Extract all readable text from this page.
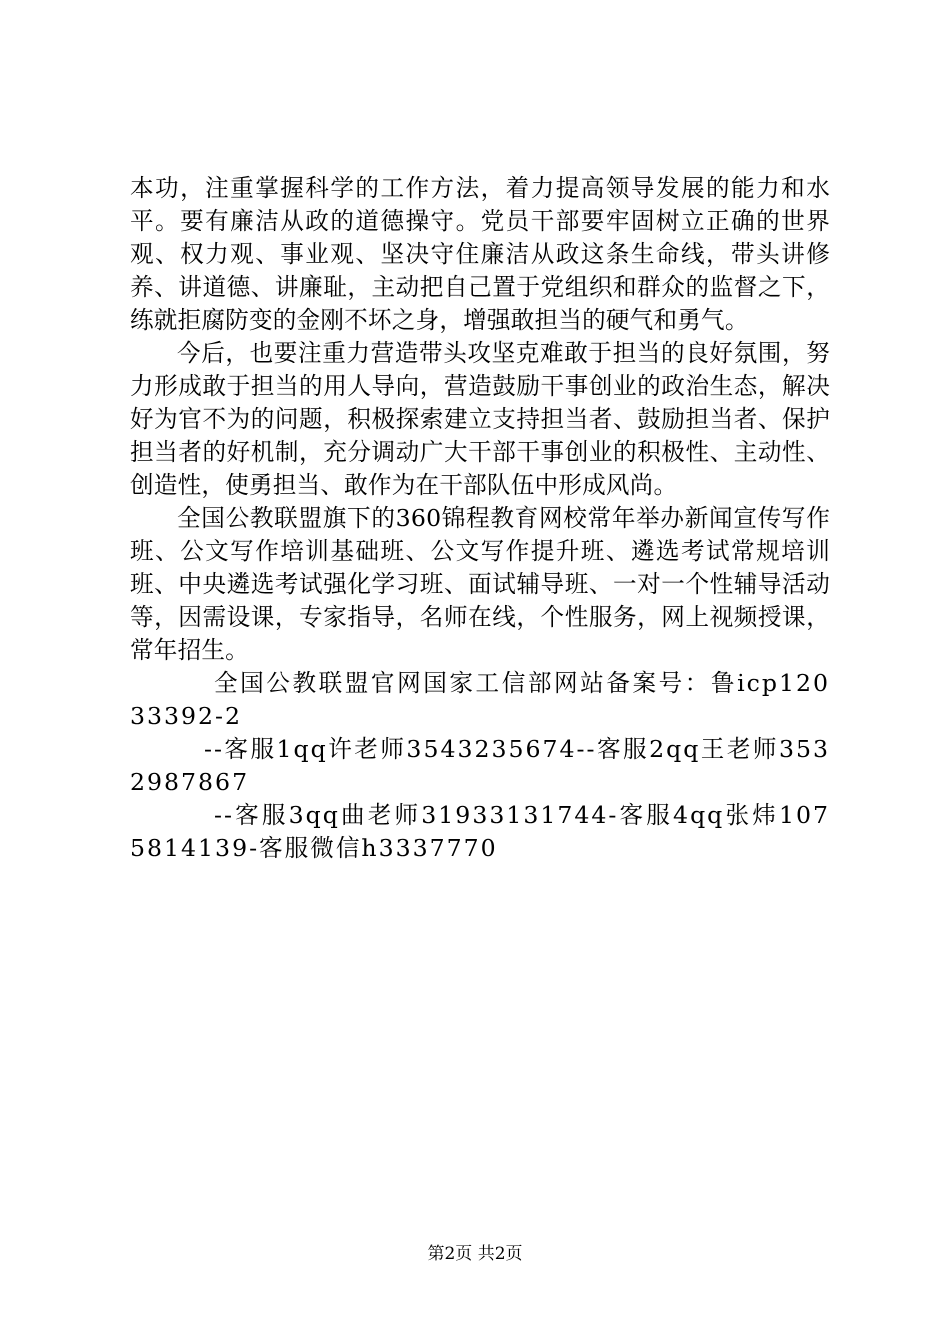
本功，注重掌握科学的工作方法，着力提高领导发展的能力和水平。要有廉洁从政的道德操守。党员干部要牢固树立正确的世界观、权力观、事业观、坚决守住廉洁从政这条生命线，带头讲修养、讲道德、讲廉耻，主动把自己置于党组织和群众的监督之下，练就拒腐防变的金刚不坏之身，增强敢担当的硬气和勇气。

今后，也要注重力营造带头攻坚克难敢于担当的良好氛围，努力形成敢于担当的用人导向，营造鼓励干事创业的政治生态，解决好为官不为的问题，积极探索建立支持担当者、鼓励担当者、保护担当者的好机制，充分调动广大干部干事创业的积极性、主动性、创造性，使勇担当、敢作为在干部队伍中形成风尚。

全国公教联盟旗下的360锦程教育网校常年举办新闻宣传写作班、公文写作培训基础班、公文写作提升班、遴选考试常规培训班、中央遴选考试强化学习班、面试辅导班、一对一个性辅导活动等，因需设课，专家指导，名师在线，个性服务，网上视频授课，常年招生。

全国公教联盟官网国家工信部网站备案号：鲁icp12033392-2

--客服1qq许老师3543235674--客服2qq王老师3532987867

--客服3qq曲老师31933131744-客服4qq张炜1075814139-客服微信h3337770

第2页 共2页
